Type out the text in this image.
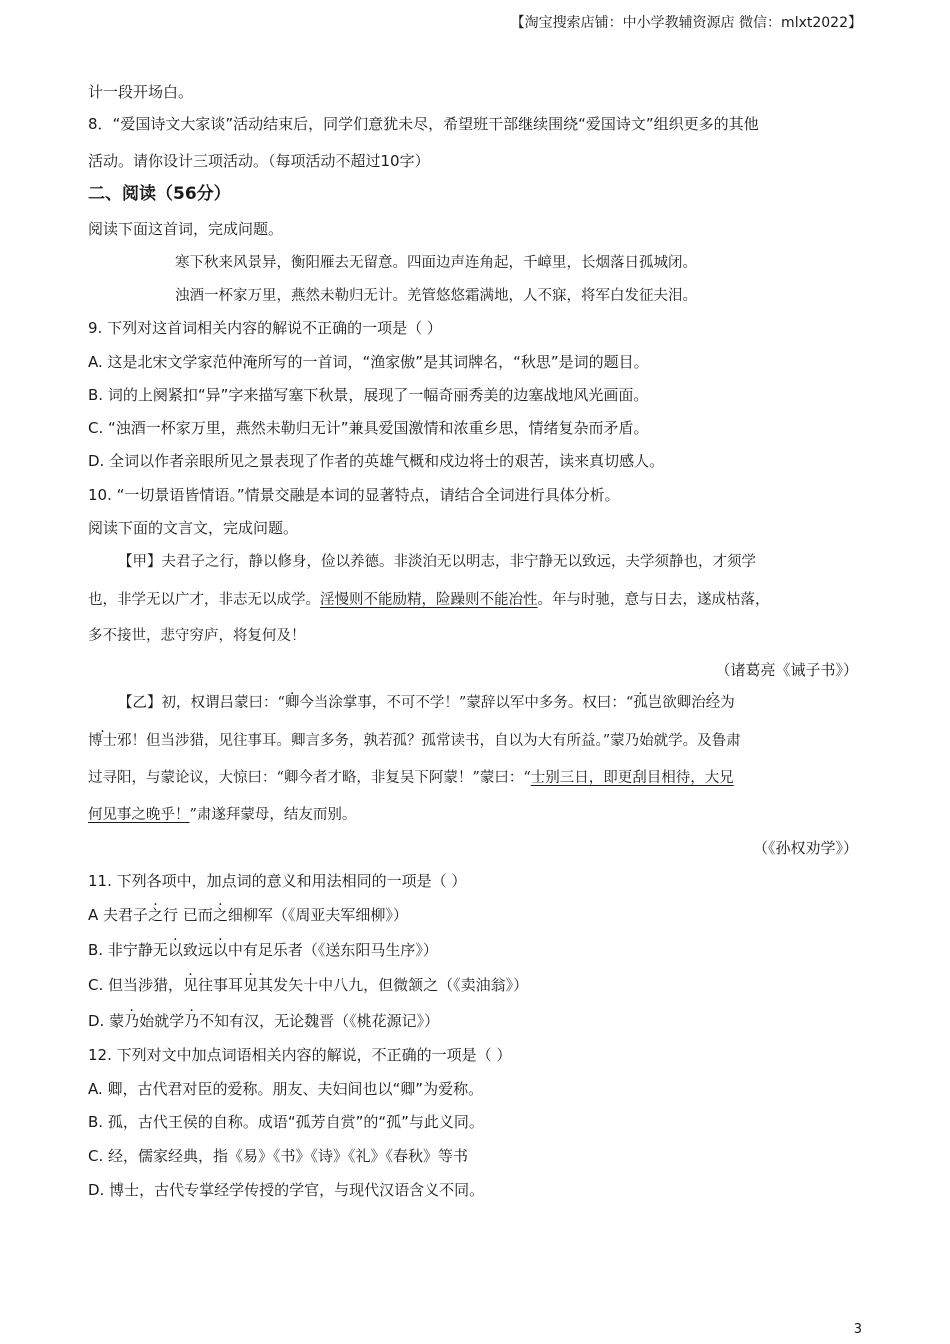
【淘宝搜索店铺：中小学教辅资源店 微信：mlxt2022】
计一段开场白。
8．“爱国诗文大家谈”活动结束后，同学们意犹未尽，希望班干部继续围绕“爱国诗文”组织更多的其他
活动。请你设计三项活动。（每项活动不超过10字）
二、阅读（56分）
阅读下面这首词，完成问题。
寒下秋来风景异，衡阳雁去无留意。四面边声连角起，千嶂里，长烟落日孤城闭。
浊酒一杯家万里，燕然未勒归无计。羌管悠悠霜满地，人不寐，将军白发征夫泪。
9. 下列对这首词相关内容的解说不正确的一项是（ ）
A. 这是北宋文学家范仲淹所写的一首词，“渔家傲”是其词牌名，“秋思”是词的题目。
B. 词的上阕紧扣“异”字来描写塞下秋景，展现了一幅奇丽秀美的边塞战地风光画面。
C. “浊酒一杯家万里，燕然未勒归无计”兼具爱国激情和浓重乡思，情绪复杂而矛盾。
D. 全词以作者亲眼所见之景表现了作者的英雄气概和戍边将士的艰苦，读来真切感人。
10. “一切景语皆情语。”情景交融是本词的显著特点，请结合全词进行具体分析。
阅读下面的文言文，完成问题。
【甲】夫君子之行，静以修身，俭以养德。非淡泊无以明志，非宁静无以致远，夫学须静也，才须学
也，非学无以广才，非志无以成学。淫慢则不能励精，险躁则不能冶性。年与时驰，意与日去，遂成枯落，
多不接世，悲守穷庐，将复何及！
（诸葛亮《诫子书》）
【乙】初，权谓吕蒙曰：“卿今当涂掌事，不可不学！”蒙辞以军中多务。权曰：“孤岂欲卿治经为
博士邪！但当涉猎，见往事耳。卿言多务，孰若孤？孤常读书，自以为大有所益。”蒙乃始就学。及鲁肃
过寻阳，与蒙论议，大惊曰：“卿今者才略，非复吴下阿蒙！”蒙曰：“士别三日，即更刮目相待，大兄
何见事之晚乎！”肃遂拜蒙母，结友而别。
（《孙权劝学》）
11. 下列各项中，加点词的意义和用法相同的一项是（ ）
A 夫君子之行 已而之细柳军（《周亚夫军细柳》）
B. 非宁静无以致远以中有足乐者（《送东阳马生序》）
C. 但当涉猎，见往事耳见其发矢十中八九，但微颔之（《卖油翁》）
D. 蒙乃始就学乃不知有汉，无论魏晋（《桃花源记》）
12. 下列对文中加点词语相关内容的解说，不正确的一项是（ ）
A. 卿，古代君对臣的爱称。朋友、夫妇间也以“卿”为爱称。
B. 孤，古代王侯的自称。成语“孤芳自赏”的“孤”与此义同。
C. 经，儒家经典，指《易》《书》《诗》《礼》《春秋》等书
D. 博士，古代专掌经学传授的学官，与现代汉语含义不同。
3
